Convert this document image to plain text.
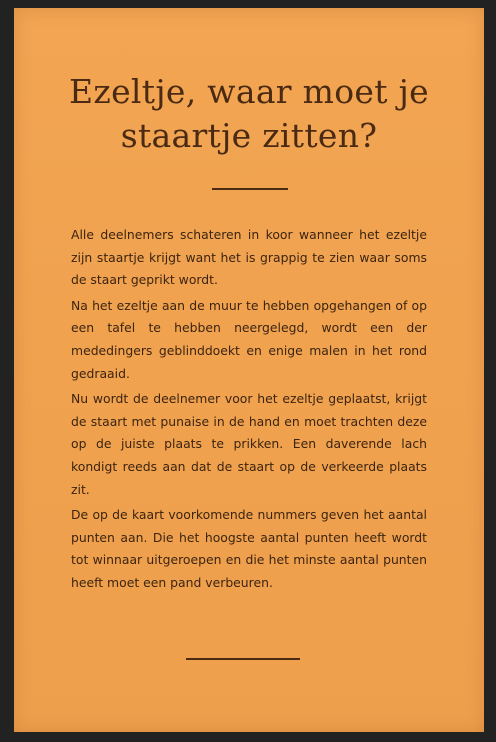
Ezeltje, waar moet je
staartje zitten?

Alle deelnemers schateren in koor wanneer het ezeltje zijn staartje krijgt want het is grappig te zien waar soms de staart geprikt wordt.

Na het ezeltje aan de muur te hebben opgehangen of op een tafel te hebben neergelegd, wordt een der mededingers geblinddoekt en enige malen in het rond gedraaid.

Nu wordt de deelnemer voor het ezeltje geplaatst, krijgt de staart met punaise in de hand en moet trachten deze op de juiste plaats te prikken. Een daverende lach kondigt reeds aan dat de staart op de verkeerde plaats zit.

De op de kaart voorkomende nummers geven het aantal punten aan. Die het hoogste aantal punten heeft wordt tot winnaar uitgeroepen en die het minste aantal punten heeft moet een pand verbeuren.
